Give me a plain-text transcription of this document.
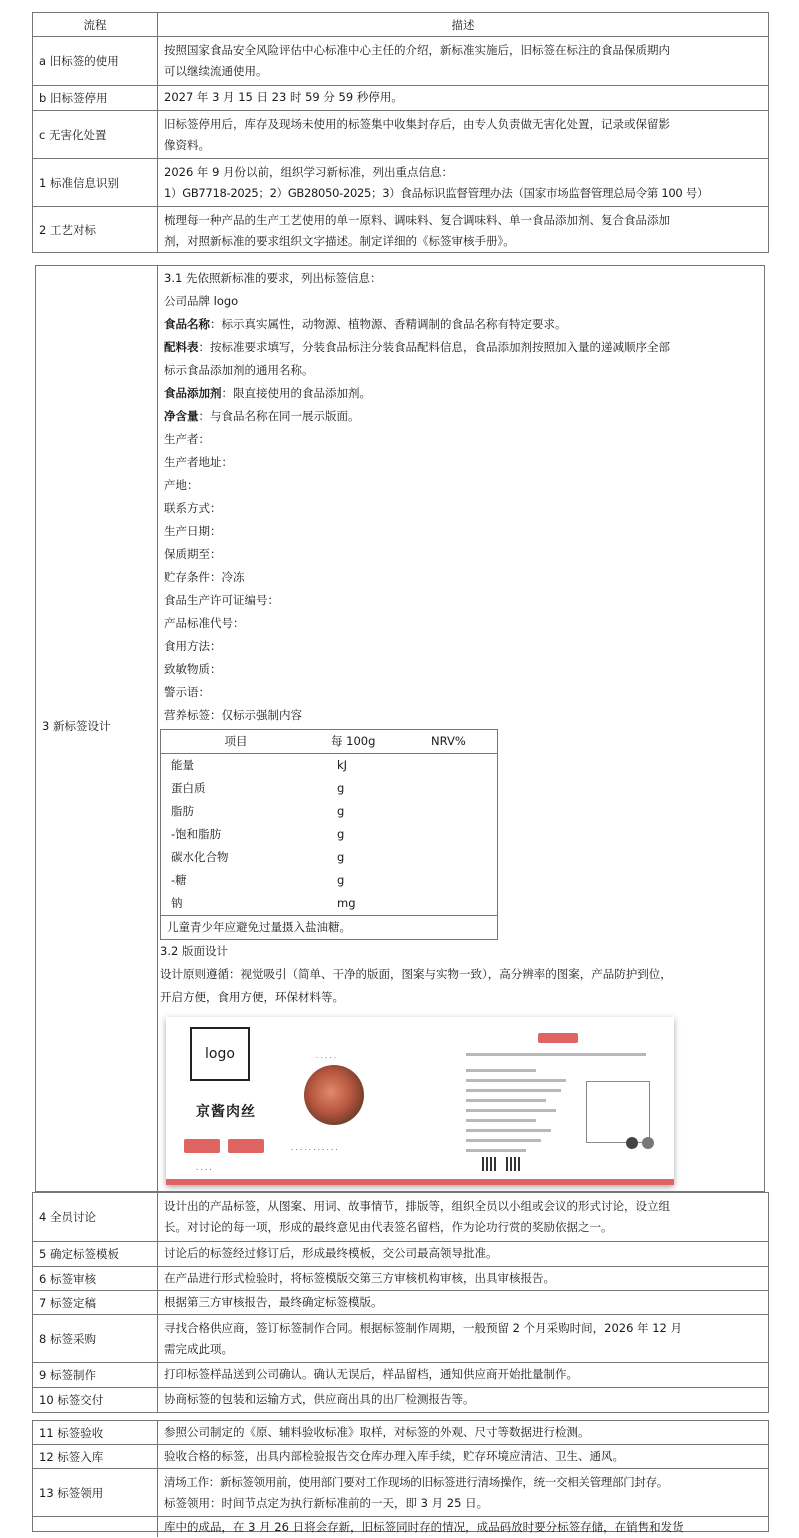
流程	描述
a 旧标签的使用
按照国家食品安全风险评估中心标准中心主任的介绍，新标准实施后，旧标签在标注的食品保质期内
可以继续流通使用。
b 旧标签停用	2027 年 3 月 15 日 23 时 59 分 59 秒停用。
c 无害化处置
旧标签停用后，库存及现场未使用的标签集中收集封存后，由专人负责做无害化处置，记录或保留影
像资料。
1 标准信息识别
2026 年 9 月份以前，组织学习新标准，列出重点信息：
1）GB7718-2025；2）GB28050-2025；3）食品标识监督管理办法（国家市场监督管理总局令第 100 号）
2 工艺对标
梳理每一种产品的生产工艺使用的单一原料、调味料、复合调味料、单一食品添加剂、复合食品添加
剂，对照新标准的要求组织文字描述。制定详细的《标签审核手册》。
3 新标签设计
3.1 先依照新标准的要求，列出标签信息：
公司品牌 logo
食品名称：标示真实属性，动物源、植物源、香精调制的食品名称有特定要求。
配料表：按标准要求填写，分装食品标注分装食品配料信息，食品添加剂按照加入量的递减顺序全部
标示食品添加剂的通用名称。
食品添加剂：限直接使用的食品添加剂。
净含量：与食品名称在同一展示版面。
生产者：
生产者地址：
产地：
联系方式：
生产日期：
保质期至：
贮存条件：冷冻
食品生产许可证编号：
产品标准代号：
食用方法：
致敏物质：
警示语：
营养标签：仅标示强制内容
项目	每 100g	NRV%
能量	kJ
蛋白质	g
脂肪	g
-饱和脂肪	g
碳水化合物	g
-糖	g
钠	mg
儿童青少年应避免过量摄入盐油糖。
3.2 版面设计
设计原则遵循：视觉吸引（简单、干净的版面，图案与实物一致），高分辨率的图案，产品防护到位，
开启方便，食用方便，环保材料等。
logo	· · · · ·
京酱肉丝
· · · · · · · · · · ·
· · · ·
4 全员讨论
设计出的产品标签，从图案、用词、故事情节，排版等，组织全员以小组或会议的形式讨论，设立组
长。对讨论的每一项，形成的最终意见由代表签名留档，作为论功行赏的奖励依据之一。
5 确定标签模板	讨论后的标签经过修订后，形成最终模板，交公司最高领导批准。
6 标签审核	在产品进行形式检验时，将标签模版交第三方审核机构审核，出具审核报告。
7 标签定稿	根据第三方审核报告，最终确定标签模版。
8 标签采购
寻找合格供应商，签订标签制作合同。根据标签制作周期，一般预留 2 个月采购时间，2026 年 12 月
需完成此项。
9 标签制作	打印标签样品送到公司确认。确认无误后，样品留档，通知供应商开始批量制作。
10 标签交付	协商标签的包装和运输方式，供应商出具的出厂检测报告等。
11 标签验收	参照公司制定的《原、辅料验收标准》取样，对标签的外观、尺寸等数据进行检测。
12 标签入库	验收合格的标签，出具内部检验报告交仓库办理入库手续，贮存环境应清洁、卫生、通风。
13 标签领用
清场工作：新标签领用前，使用部门要对工作现场的旧标签进行清场操作，统一交相关管理部门封存。
标签领用：时间节点定为执行新标准前的一天，即 3 月 25 日。
库中的成品，在 3 月 26 日将会存新，旧标签同时存的情况，成品码放时要分标签存储，在销售和发货
